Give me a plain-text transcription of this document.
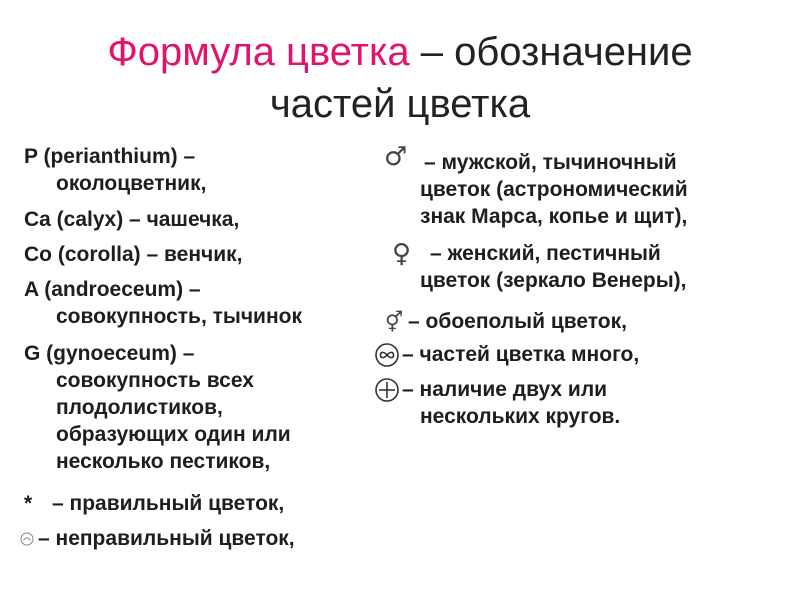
Формула цветка – обозначение
частей цветка
P (perianthium) –
околоцветник,
Ca (calyx) – чашечка,
Co (corolla) – венчик,
A (androeceum) –
совокупность, тычинок
G (gynoeceum) –
совокупность всех
плодолистиков,
образующих один или
несколько пестиков,
* – правильный цветок,
– неправильный цветок,
♂ – мужской, тычиночный
цветок (астрономический
знак Марса, копье и щит),
♀ – женский, пестичный
цветок (зеркало Венеры),
⚥ – обоеполый цветок,
– частей цветка много,
– наличие двух или
нескольких кругов.
